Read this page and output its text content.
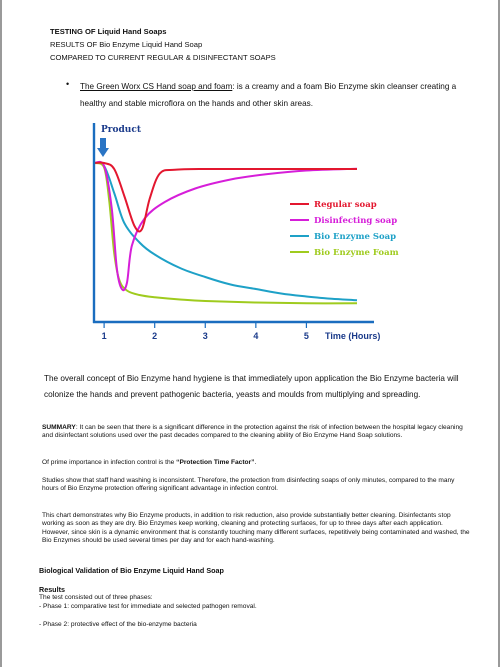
TESTING OF Liquid Hand Soaps
RESULTS OF Bio Enzyme Liquid Hand Soap
COMPARED TO CURRENT REGULAR & DISINFECTANT SOAPS
• The Green Worx CS Hand soap and foam: is a creamy and a foam Bio Enzyme skin cleanser creating a healthy and stable microflora on the hands and other skin areas.
Product
1	2	3	4	5 Time (Hours)
Regular soap
Disinfecting soap
Bio Enzyme Soap
Bio Enzyme Foam
The overall concept of Bio Enzyme hand hygiene is that immediately upon application the Bio Enzyme bacteria will colonize the hands and prevent pathogenic bacteria, yeasts and moulds from multiplying and spreading.
SUMMARY: It can be seen that there is a significant difference in the protection against the risk of infection between the hospital legacy cleaning and disinfectant solutions used over the past decades compared to the cleaning ability of Bio Enzyme Hand Soap solutions.
Of prime importance in infection control is the “Protection Time Factor”.
Studies show that staff hand washing is inconsistent. Therefore, the protection from disinfecting soaps of only minutes, compared to the many hours of Bio Enzyme protection offering significant advantage in infection control.
This chart demonstrates why Bio Enzyme products, in addition to risk reduction, also provide substantially better cleaning. Disinfectants stop working as soon as they are dry. Bio Enzymes keep working, cleaning and protecting surfaces, for up to three days after each application. However, since skin is a dynamic environment that is constantly touching many different surfaces, repetitively being contaminated and washed, the Bio Enzymes should be used several times per day and for each hand-washing.
Biological Validation of Bio Enzyme Liquid Hand Soap
Results
The test consisted out of three phases:
- Phase 1: comparative test for immediate and selected pathogen removal.
- Phase 2: protective effect of the bio-enzyme bacteria
